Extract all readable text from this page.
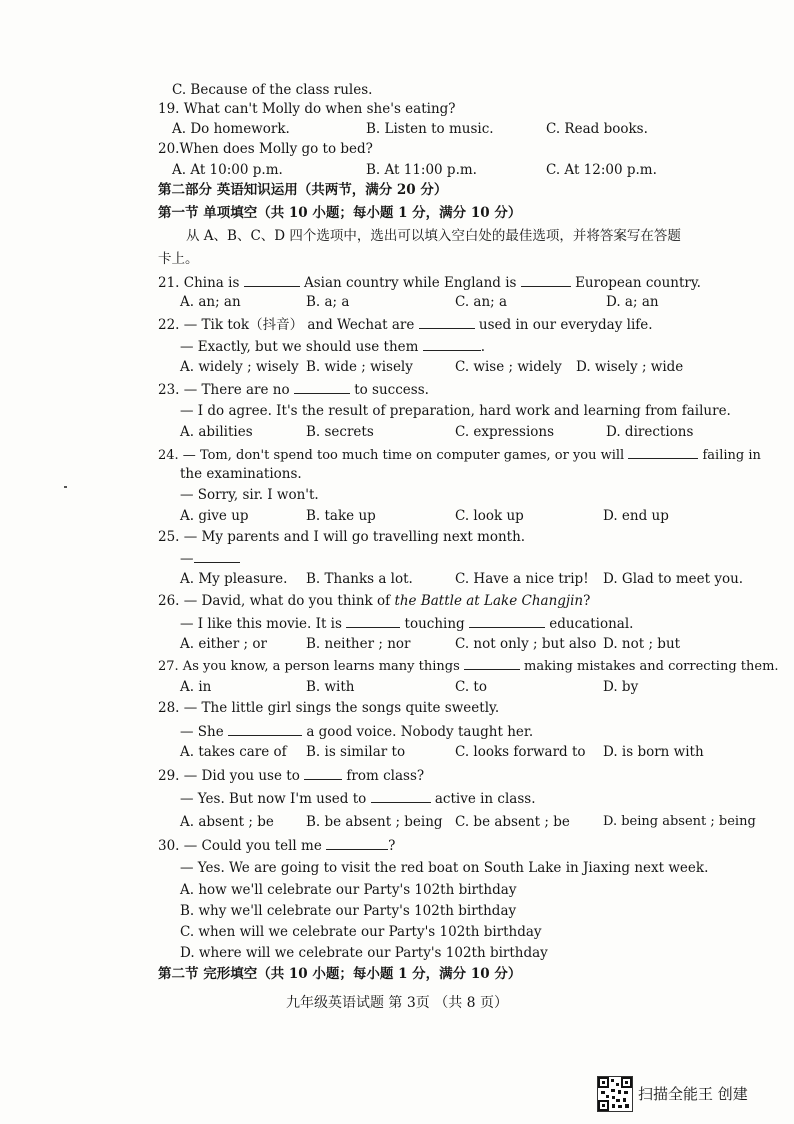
C. Because of the class rules.
19. What can't Molly do when she's eating?
A. Do homework.	B. Listen to music.	C. Read books.
20.When does Molly go to bed?
A. At 10:00 p.m.	B. At 11:00 p.m.	C. At 12:00 p.m.
第二部分 英语知识运用（共两节，满分 20 分）
第一节 单项填空（共 10 小题；每小题 1 分，满分 10 分）
从 A、B、C、D 四个选项中，选出可以填入空白处的最佳选项，并将答案写在答题
卡上。
21. China is	Asian country while England is	European country.
A. an; an	B. a; a	C. an; a	D. a; an
22. — Tik tok（抖音） and Wechat are	used in our everyday life.
— Exactly, but we should use them	.
A. widely ; wisely B. wide ; wisely	C. wise ; widely D. wisely ; wide
23. — There are no	to success.
— I do agree. It's the result of preparation, hard work and learning from failure.
A. abilities	B. secrets	C. expressions	D. directions
24. — Tom, don't spend too much time on computer games, or you will	failing in
the examinations.
— Sorry, sir. I won't.
A. give up	B. take up	C. look up	D. end up
25. — My parents and I will go travelling next month.
—
A. My pleasure. B. Thanks a lot.	C. Have a nice trip! D. Glad to meet you.
26. — David, what do you think of the Battle at Lake Changjin?
— I like this movie. It is	touching	educational.
A. either ; or	B. neither ; nor	C. not only ; but also D. not ; but
27. As you know, a person learns many things	making mistakes and correcting them.
A. in	B. with	C. to	D. by
28. — The little girl sings the songs quite sweetly.
— She	a good voice. Nobody taught her.
A. takes care of B. is similar to	C. looks forward to D. is born with
29. — Did you use to	from class?
— Yes. But now I'm used to	active in class.
A. absent ; be B. be absent ; being C. be absent ; be	D. being absent ; being
30. — Could you tell me	?
— Yes. We are going to visit the red boat on South Lake in Jiaxing next week.
A. how we'll celebrate our Party's 102th birthday
B. why we'll celebrate our Party's 102th birthday
C. when will we celebrate our Party's 102th birthday
D. where will we celebrate our Party's 102th birthday
第二节 完形填空（共 10 小题；每小题 1 分，满分 10 分）
九年级英语试题 第 3页 （共 8 页）
扫描全能王 创建
